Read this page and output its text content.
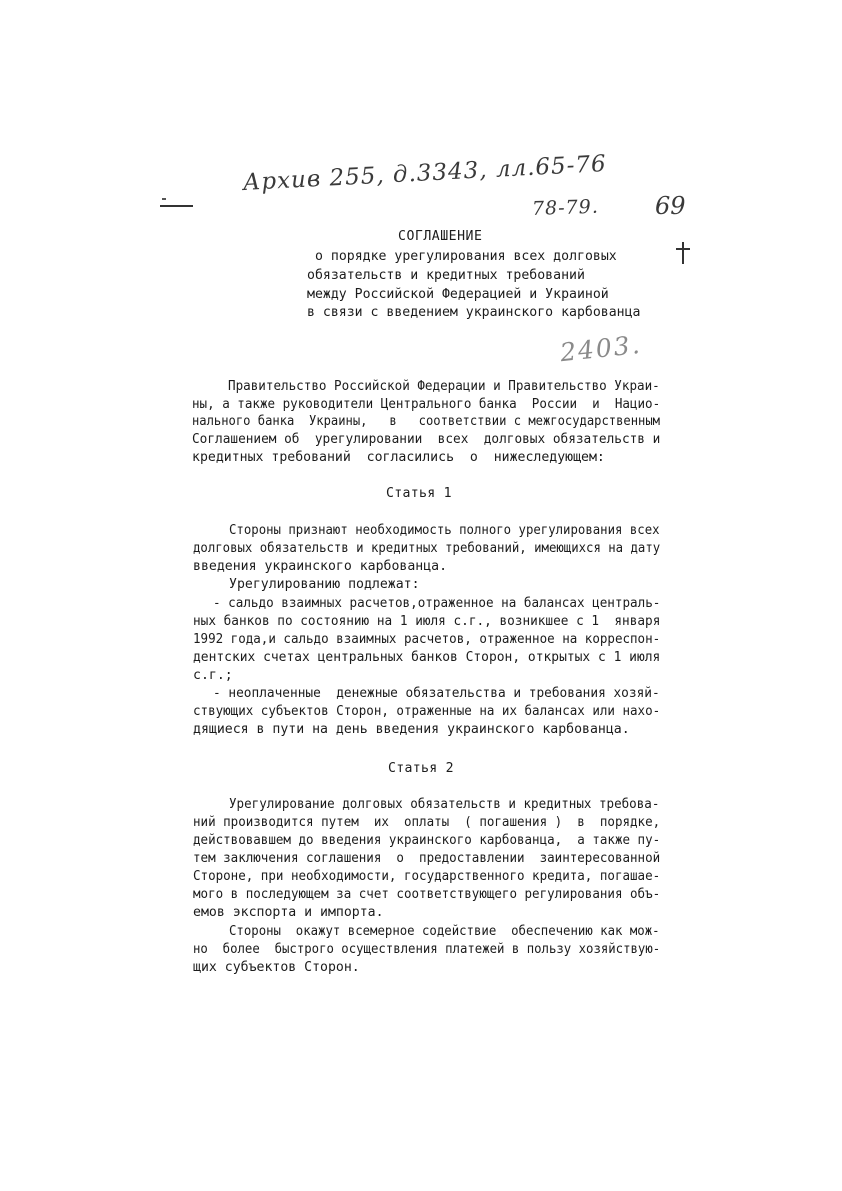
Архив 255, д.3343, лл.65-76
78-79. 69
2403.
СОГЛАШЕНИЕ
о порядке урегулирования всех долговых
обязательств и кредитных требований
между Российской Федерацией и Украиной
в связи с введением украинского карбованца
Правительство Российской Федерации и Правительство Украи-
ны, а также руководители Центрального банка  России  и  Нацио-
нального банка  Украины,   в   соответствии с межгосударственным
Соглашением об  урегулировании  всех  долговых обязательств и
кредитных требований  согласились  о  нижеследующем:
Статья 1
Стороны признают необходимость полного урегулирования всех
долговых обязательств и кредитных требований, имеющихся на дату
введения украинского карбованца.
Урегулированию подлежат:
- сальдо взаимных расчетов,отраженное на балансах централь-
ных банков по состоянию на 1 июля с.г., возникшее с 1  января
1992 года,и сальдо взаимных расчетов, отраженное на корреспон-
дентских счетах центральных банков Сторон, открытых с 1 июля
с.г.;
- неоплаченные  денежные обязательства и требования хозяй-
ствующих субъектов Сторон, отраженные на их балансах или нахо-
дящиеся в пути на день введения украинского карбованца.
Статья 2
Урегулирование долговых обязательств и кредитных требова-
ний производится путем  их  оплаты  ( погашения )  в  порядке,
действовавшем до введения украинского карбованца,  а также пу-
тем заключения соглашения  о  предоставлении  заинтересованной
Стороне, при необходимости, государственного кредита, погашае-
мого в последующем за счет соответствующего регулирования объ-
емов экспорта и импорта.
Стороны  окажут всемерное содействие  обеспечению как мож-
но  более  быстрого осуществления платежей в пользу хозяйствую-
щих субъектов Сторон.
